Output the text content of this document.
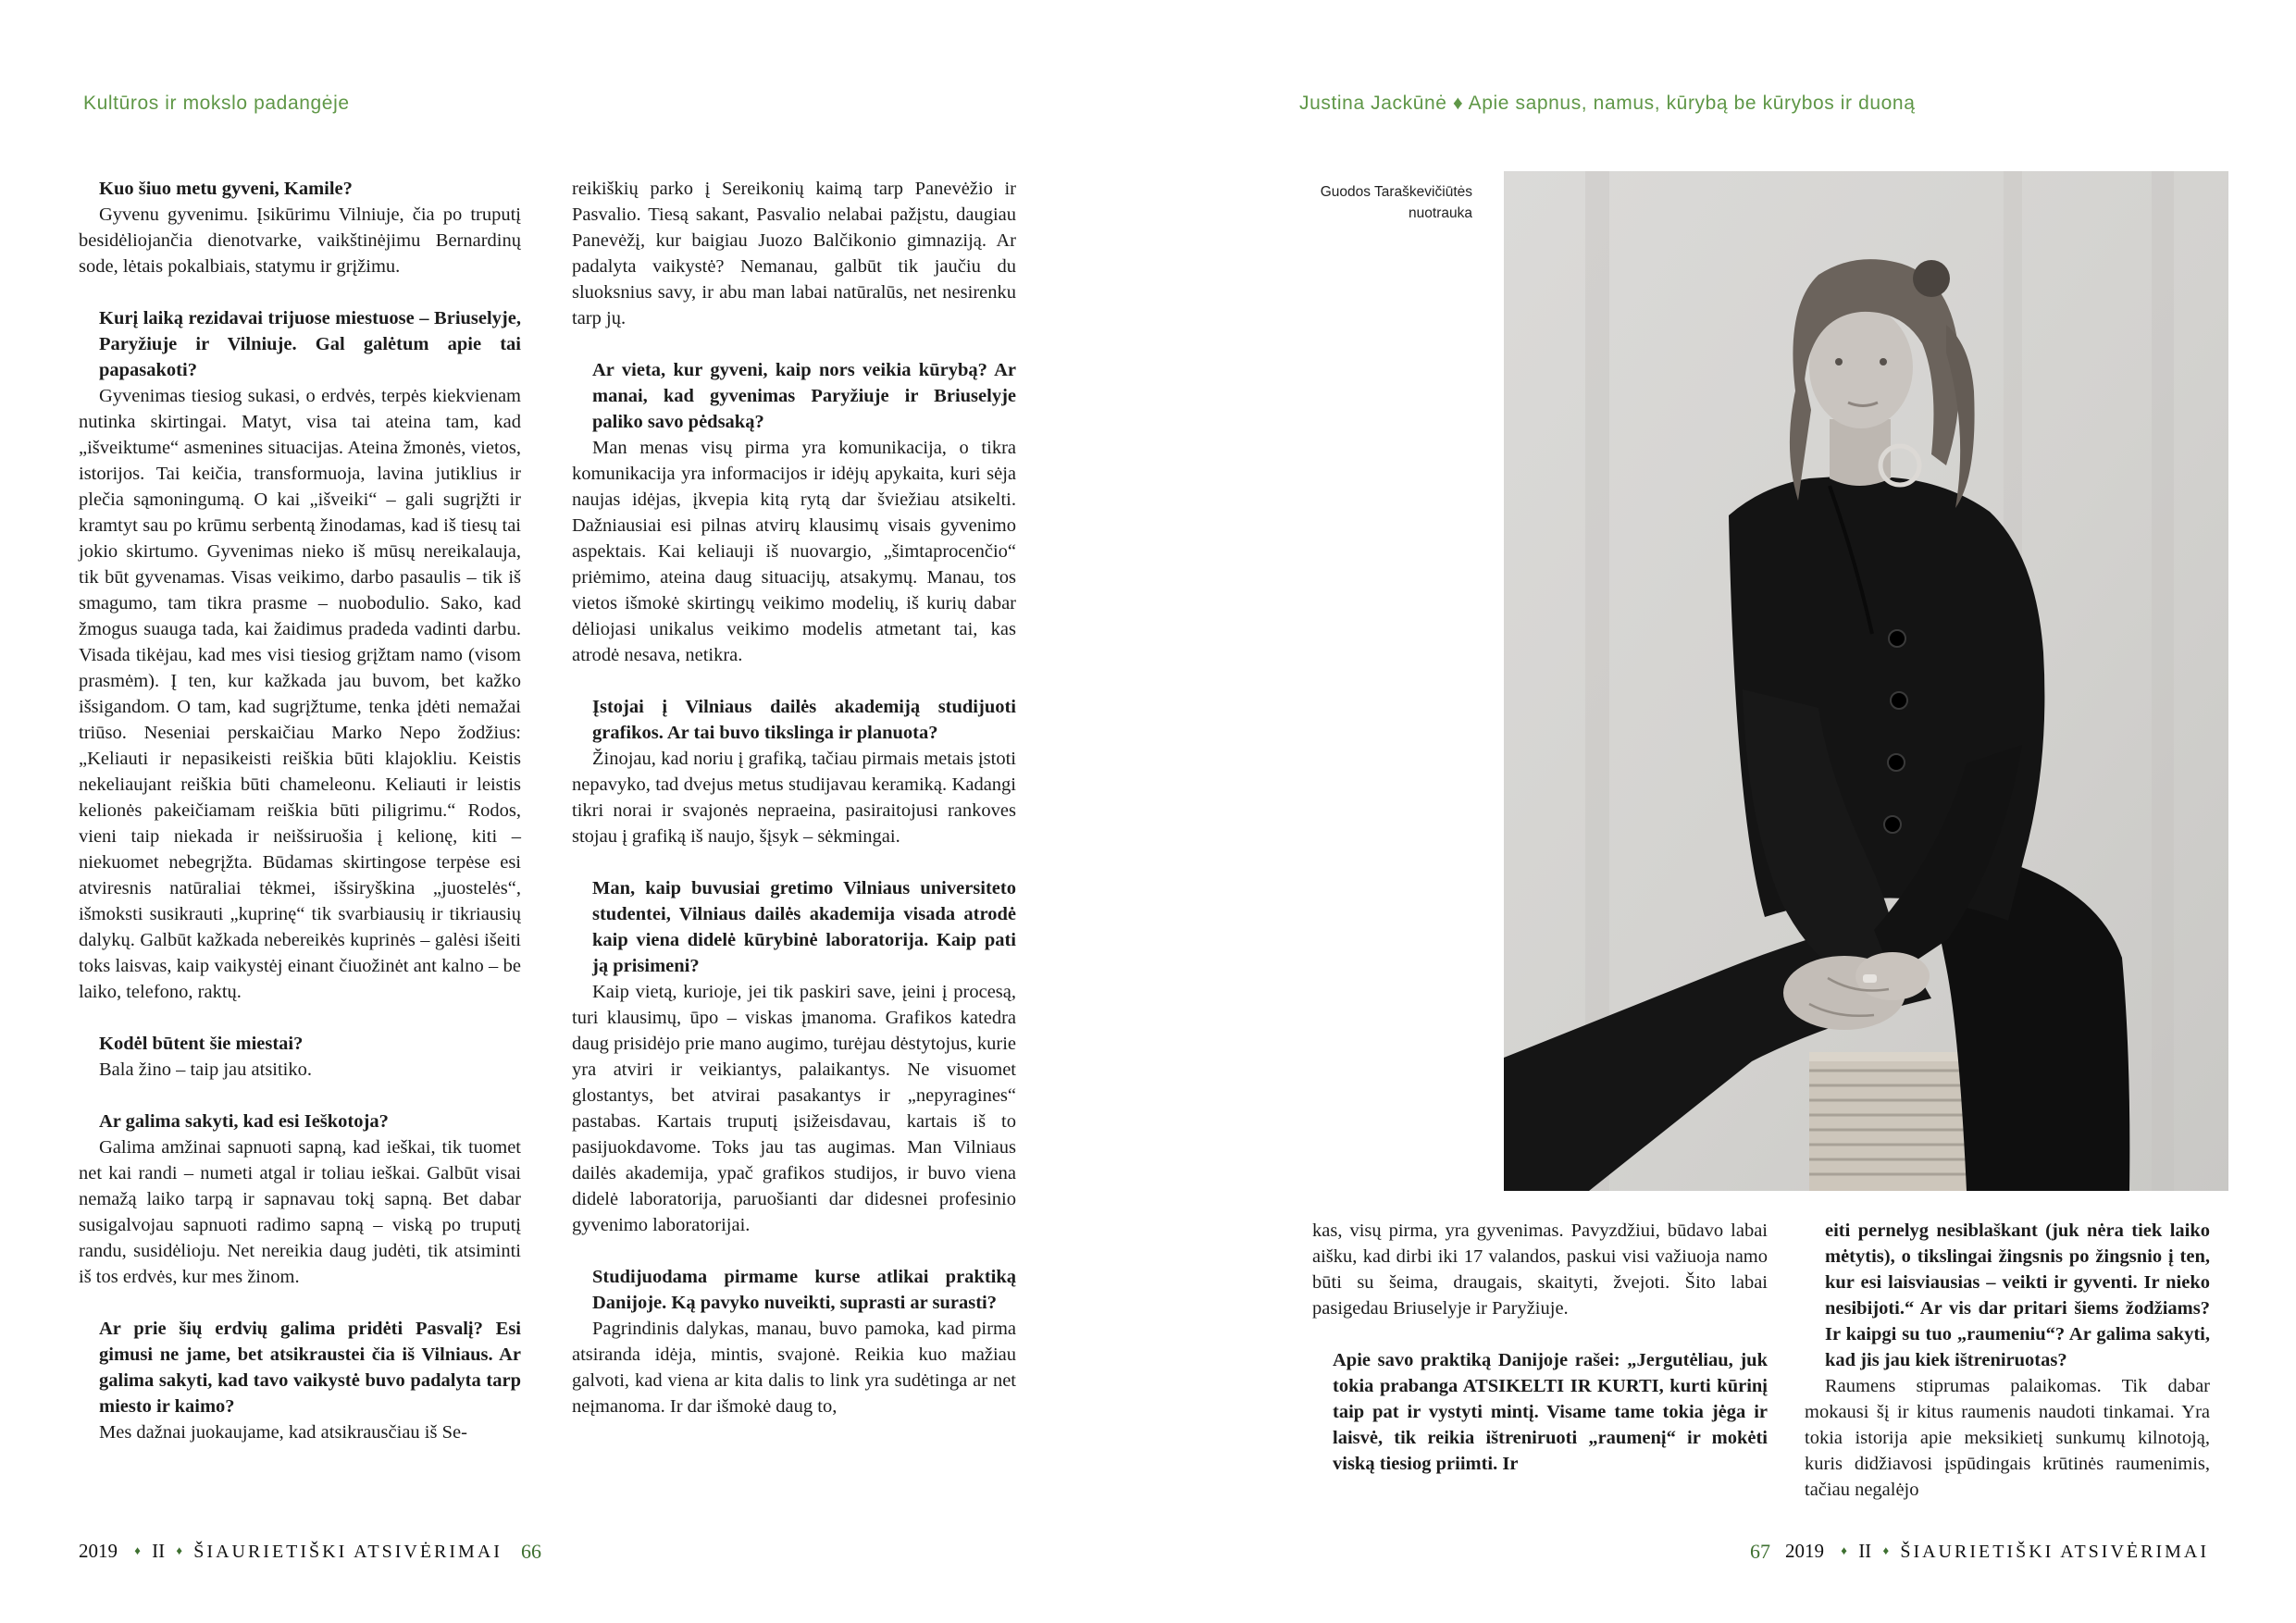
Kultūros ir mokslo padangėje	Justina Jackūnė ♦ Apie sapnus, namus, kūrybą be kūrybos ir duoną

Kuo šiuo metu gyveni, Kamile?

Gyvenu gyvenimu. Įsikūrimu Vilniuje, čia po truputį besidėliojančia dienotvarke, vaikštinėjimu Bernardinų sode, lėtais pokalbiais, statymu ir grįžimu.

Kurį laiką rezidavai trijuose miestuose – Briuselyje, Paryžiuje ir Vilniuje. Gal galėtum apie tai papasakoti?

Gyvenimas tiesiog sukasi, o erdvės, terpės kiekvienam nutinka skirtingai. Matyt, visa tai ateina tam, kad „išveiktume“ asmenines situacijas. Ateina žmonės, vietos, istorijos. Tai keičia, transformuoja, lavina jutiklius ir plečia sąmoningumą. O kai „išveiki“ – gali sugrįžti ir kramtyt sau po krūmu serbentą žinodamas, kad iš tiesų tai jokio skirtumo. Gyvenimas nieko iš mūsų nereikalauja, tik būt gyvenamas. Visas veikimo, darbo pasaulis – tik iš smagumo, tam tikra prasme – nuobodulio. Sako, kad žmogus suauga tada, kai žaidimus pradeda vadinti darbu. Visada tikėjau, kad mes visi tiesiog grįžtam namo (visom prasmėm). Į ten, kur kažkada jau buvom, bet kažko išsigandom. O tam, kad sugrįžtume, tenka įdėti nemažai triūso. Neseniai perskaičiau Marko Nepo žodžius: „Keliauti ir nepasikeisti reiškia būti klajokliu. Keistis nekeliaujant reiškia būti chameleonu. Keliauti ir leistis kelionės pakeičiamam reiškia būti piligrimu.“ Rodos, vieni taip niekada ir neišsiruošia į kelionę, kiti – niekuomet nebegrįžta. Būdamas skirtingose terpėse esi atviresnis natūraliai tėkmei, išsiryškina „juostelės“, išmoksti susikrauti „kuprinę“ tik svarbiausių ir tikriausių dalykų. Galbūt kažkada nebereikės kuprinės – galėsi išeiti toks laisvas, kaip vaikystėj einant čiuožinėt ant kalno – be laiko, telefono, raktų.

Kodėl būtent šie miestai?

Bala žino – taip jau atsitiko.

Ar galima sakyti, kad esi Ieškotoja?

Galima amžinai sapnuoti sapną, kad ieškai, tik tuomet net kai randi – numeti atgal ir toliau ieškai. Galbūt visai nemažą laiko tarpą ir sapnavau tokį sapną. Bet dabar susigalvojau sapnuoti radimo sapną – viską po truputį randu, susidėlioju. Net nereikia daug judėti, tik atsiminti iš tos erdvės, kur mes žinom.

Ar prie šių erdvių galima pridėti Pasvalį? Esi gimusi ne jame, bet atsikraustei čia iš Vilniaus. Ar galima sakyti, kad tavo vaikystė buvo padalyta tarp miesto ir kaimo?

Mes dažnai juokaujame, kad atsikrausčiau iš Se-

reikiškių parko į Sereikonių kaimą tarp Panevėžio ir Pasvalio. Tiesą sakant, Pasvalio nelabai pažįstu, daugiau Panevėžį, kur baigiau Juozo Balčikonio gimnaziją. Ar padalyta vaikystė? Nemanau, galbūt tik jaučiu du sluoksnius savy, ir abu man labai natūralūs, net nesirenku tarp jų.

Ar vieta, kur gyveni, kaip nors veikia kūrybą? Ar manai, kad gyvenimas Paryžiuje ir Briuselyje paliko savo pėdsaką?

Man menas visų pirma yra komunikacija, o tikra komunikacija yra informacijos ir idėjų apykaita, kuri sėja naujas idėjas, įkvepia kitą rytą dar šviežiau atsikelti. Dažniausiai esi pilnas atvirų klausimų visais gyvenimo aspektais. Kai keliauji iš nuovargio, „šimtaprocenčio“ priėmimo, ateina daug situacijų, atsakymų. Manau, tos vietos išmokė skirtingų veikimo modelių, iš kurių dabar dėliojasi unikalus veikimo modelis atmetant tai, kas atrodė nesava, netikra.

Įstojai į Vilniaus dailės akademiją studijuoti grafikos. Ar tai buvo tikslinga ir planuota?

Žinojau, kad noriu į grafiką, tačiau pirmais metais įstoti nepavyko, tad dvejus metus studijavau keramiką. Kadangi tikri norai ir svajonės nepraeina, pasiraitojusi rankoves stojau į grafiką iš naujo, šįsyk – sėkmingai.

Man, kaip buvusiai gretimo Vilniaus universiteto studentei, Vilniaus dailės akademija visada atrodė kaip viena didelė kūrybinė laboratorija. Kaip pati ją prisimeni?

Kaip vietą, kurioje, jei tik paskiri save, įeini į procesą, turi klausimų, ūpo – viskas įmanoma. Grafikos katedra daug prisidėjo prie mano augimo, turėjau dėstytojus, kurie yra atviri ir veikiantys, palaikantys. Ne visuomet glostantys, bet atvirai pasakantys ir „nepyragines“ pastabas. Kartais truputį įsižeisdavau, kartais iš to pasijuokdavome. Toks jau tas augimas. Man Vilniaus dailės akademija, ypač grafikos studijos, ir buvo viena didelė laboratorija, paruošianti dar didesnei profesinio gyvenimo laboratorijai.

Studijuodama pirmame kurse atlikai praktiką Danijoje. Ką pavyko nuveikti, suprasti ar surasti?

Pagrindinis dalykas, manau, buvo pamoka, kad pirma atsiranda idėja, mintis, svajonė. Reikia kuo mažiau galvoti, kad viena ar kita dalis to link yra sudėtinga ar net neįmanoma. Ir dar išmokė daug to,

Guodos Taraškevičiūtės
nuotrauka

kas, visų pirma, yra gyvenimas. Pavyzdžiui, būdavo labai aišku, kad dirbi iki 17 valandos, paskui visi važiuoja namo būti su šeima, draugais, skaityti, žvejoti. Šito labai pasigedau Briuselyje ir Paryžiuje.

Apie savo praktiką Danijoje rašei: „Jergutėliau, juk tokia prabanga ATSIKELTI IR KURTI, kurti kūrinį taip pat ir vystyti mintį. Visame tame tokia jėga ir laisvė, tik reikia ištreniruoti „raumenį“ ir mokėti viską tiesiog priimti. Ir

eiti pernelyg nesiblaškant (juk nėra tiek laiko mėtytis), o tikslingai žingsnis po žingsnio į ten, kur esi laisviausias – veikti ir gyventi. Ir nieko nesibijoti.“ Ar vis dar pritari šiems žodžiams? Ir kaipgi su tuo „raumeniu“? Ar galima sakyti, kad jis jau kiek ištreniruotas?

Raumens stiprumas palaikomas. Tik dabar mokausi šį ir kitus raumenis naudoti tinkamai. Yra tokia istorija apie meksikietį sunkumų kilnotoją, kuris didžiavosi įspūdingais krūtinės raumenimis, tačiau negalėjo

2019 ♦ II ♦ ŠIAURIETIŠKI ATSIVĖRIMAI 66	67 2019 ♦ II ♦ ŠIAURIETIŠKI ATSIVĖRIMAI
